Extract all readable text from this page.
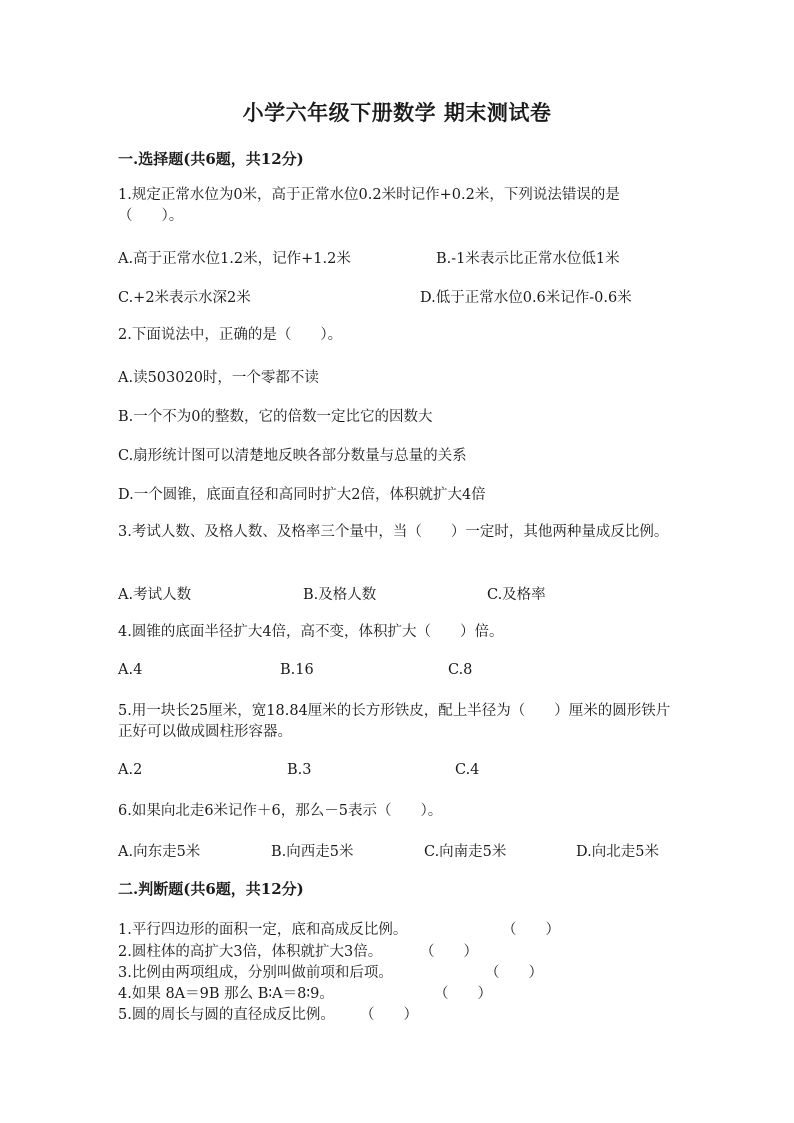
小学六年级下册数学 期末测试卷
一.选择题(共6题，共12分)
1.规定正常水位为0米，高于正常水位0.2米时记作+0.2米，下列说法错误的是（　　）。
A.高于正常水位1.2米，记作+1.2米	B.-1米表示比正常水位低1米
C.+2米表示水深2米	D.低于正常水位0.6米记作-0.6米
2.下面说法中，正确的是（　　）。
A.读503020时，一个零都不读
B.一个不为0的整数，它的倍数一定比它的因数大
C.扇形统计图可以清楚地反映各部分数量与总量的关系
D.一个圆锥，底面直径和高同时扩大2倍，体积就扩大4倍
3.考试人数、及格人数、及格率三个量中，当（　　）一定时，其他两种量成反比例。
A.考试人数	B.及格人数	C.及格率
4.圆锥的底面半径扩大4倍，高不变，体积扩大（　　）倍。
A.4	B.16	C.8
5.用一块长25厘米，宽18.84厘米的长方形铁皮，配上半径为（　　）厘米的圆形铁片正好可以做成圆柱形容器。
A.2	B.3	C.4
6.如果向北走6米记作＋6，那么－5表示（　　）。
A.向东走5米	B.向西走5米	C.向南走5米	D.向北走5米
二.判断题(共6题，共12分)
1.平行四边形的面积一定，底和高成反比例。	（　　）
2.圆柱体的高扩大3倍，体积就扩大3倍。	（　　）
3.比例由两项组成，分别叫做前项和后项。	（　　）
4.如果 8A＝9B 那么 B∶A＝8∶9。	（　　）
5.圆的周长与圆的直径成反比例。 （　　）
